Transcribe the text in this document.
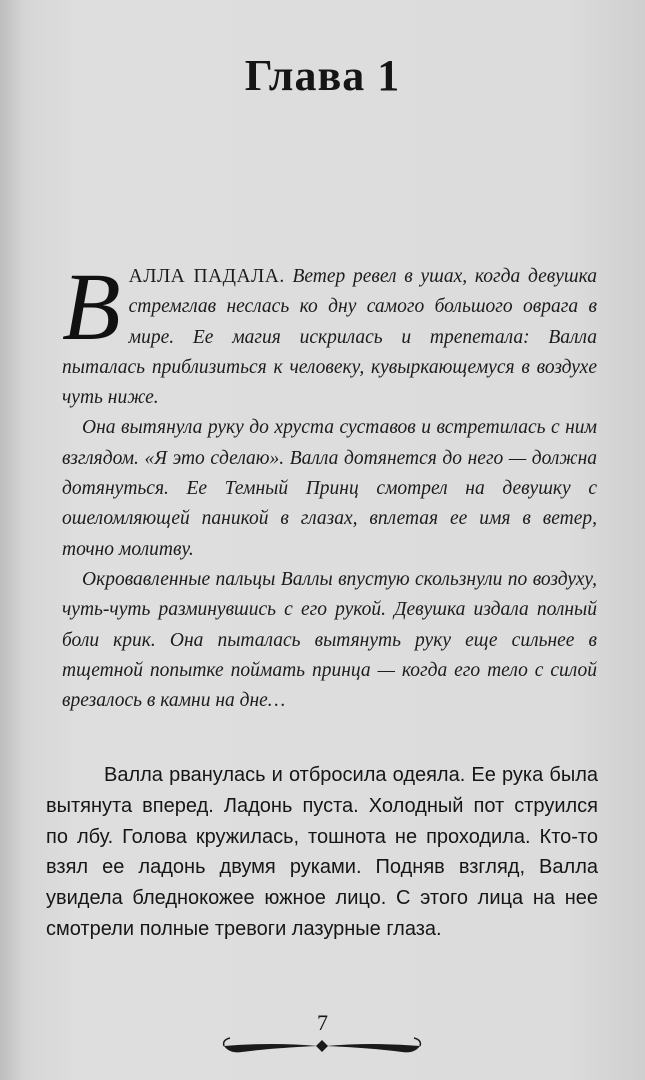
Глава 1

ВАЛЛА ПАДАЛА. Ветер ревел в ушах, когда девушка стремглав неслась ко дну самого большого оврага в мире. Ее магия искрилась и трепетала: Валла пыталась приблизиться к человеку, кувыркающемуся в воздухе чуть ниже.

Она вытянула руку до хруста суставов и встретилась с ним взглядом. «Я это сделаю». Валла дотянется до него — должна дотянуться. Ее Темный Принц смотрел на девушку с ошеломляющей паникой в глазах, вплетая ее имя в ветер, точно молитву.

Окровавленные пальцы Валлы впустую скользнули по воздуху, чуть-чуть разминувшись с его рукой. Девушка издала полный боли крик. Она пыталась вытянуть руку еще сильнее в тщетной попытке поймать принца — когда его тело с силой врезалось в камни на дне…

Валла рванулась и отбросила одеяла. Ее рука была вытянута вперед. Ладонь пуста. Холодный пот струился по лбу. Голова кружилась, тошнота не проходила. Кто-то взял ее ладонь двумя руками. Подняв взгляд, Валла увидела бледнокожее южное лицо. С этого лица на нее смотрели полные тревоги лазурные глаза.

7
